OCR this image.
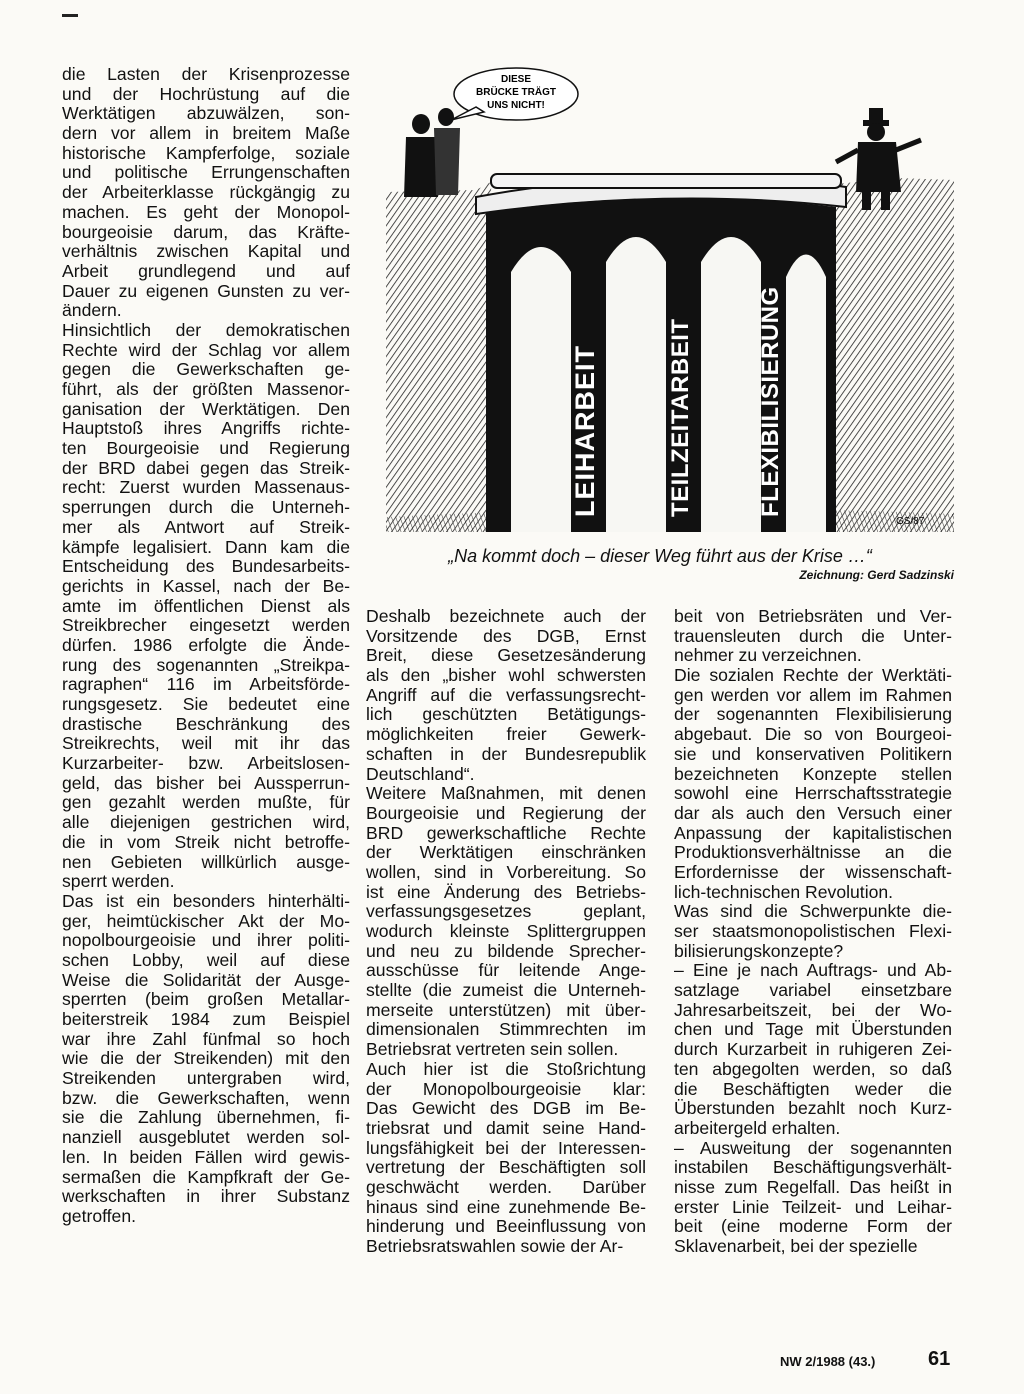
die Lasten der Krisenprozesse
und der Hochrüstung auf die
Werktätigen abzuwälzen, son-
dern vor allem in breitem Maße
historische Kampferfolge, soziale
und politische Errungenschaften
der Arbeiterklasse rückgängig zu
machen. Es geht der Monopol-
bourgeoisie darum, das Kräfte-
verhältnis zwischen Kapital und
Arbeit grundlegend und auf
Dauer zu eigenen Gunsten zu ver-
ändern.
Hinsichtlich der demokratischen
Rechte wird der Schlag vor allem
gegen die Gewerkschaften ge-
führt, als der größten Massenor-
ganisation der Werktätigen. Den
Hauptstoß ihres Angriffs richte-
ten Bourgeoisie und Regierung
der BRD dabei gegen das Streik-
recht: Zuerst wurden Massenaus-
sperrungen durch die Unterneh-
mer als Antwort auf Streik-
kämpfe legalisiert. Dann kam die
Entscheidung des Bundesarbeits-
gerichts in Kassel, nach der Be-
amte im öffentlichen Dienst als
Streikbrecher eingesetzt werden
dürfen. 1986 erfolgte die Ände-
rung des sogenannten „Streikpa-
ragraphen“ 116 im Arbeitsförde-
rungsgesetz. Sie bedeutet eine
drastische Beschränkung des
Streikrechts, weil mit ihr das
Kurzarbeiter- bzw. Arbeitslosen-
geld, das bisher bei Aussperrun-
gen gezahlt werden mußte, für
alle diejenigen gestrichen wird,
die in vom Streik nicht betroffe-
nen Gebieten willkürlich ausge-
sperrt werden.
Das ist ein besonders hinterhälti-
ger, heimtückischer Akt der Mo-
nopolbourgeoisie und ihrer politi-
schen Lobby, weil auf diese
Weise die Solidarität der Ausge-
sperrten (beim großen Metallar-
beiterstreik 1984 zum Beispiel
war ihre Zahl fünfmal so hoch
wie die der Streikenden) mit den
Streikenden untergraben wird,
bzw. die Gewerkschaften, wenn
sie die Zahlung übernehmen, fi-
nanziell ausgeblutet werden sol-
len. In beiden Fällen wird gewis-
sermaßen die Kampfkraft der Ge-
werkschaften in ihrer Substanz
getroffen.
LEIHARBEIT	TEILZEITARBEIT	FLEXIBILISIERUNG
DIESE
BRÜCKE TRÄGT
UNS NICHT!
GS/87

„Na kommt doch – dieser Weg führt aus der Krise …“

Zeichnung: Gerd Sadzinski

Deshalb bezeichnete auch der
Vorsitzende des DGB, Ernst
Breit, diese Gesetzesänderung
als den „bisher wohl schwersten
Angriff auf die verfassungsrecht-
lich geschützten Betätigungs-
möglichkeiten freier Gewerk-
schaften in der Bundesrepublik
Deutschland“.
Weitere Maßnahmen, mit denen
Bourgeoisie und Regierung der
BRD gewerkschaftliche Rechte
der Werktätigen einschränken
wollen, sind in Vorbereitung. So
ist eine Änderung des Betriebs-
verfassungsgesetzes geplant,
wodurch kleinste Splittergruppen
und neu zu bildende Sprecher-
ausschüsse für leitende Ange-
stellte (die zumeist die Unterneh-
merseite unterstützen) mit über-
dimensionalen Stimmrechten im
Betriebsrat vertreten sein sollen.
Auch hier ist die Stoßrichtung
der Monopolbourgeoisie klar:
Das Gewicht des DGB im Be-
triebsrat und damit seine Hand-
lungsfähigkeit bei der Interessen-
vertretung der Beschäftigten soll
geschwächt werden. Darüber
hinaus sind eine zunehmende Be-
hinderung und Beeinflussung von
Betriebsratswahlen sowie der Ar-
beit von Betriebsräten und Ver-
trauensleuten durch die Unter-
nehmer zu verzeichnen.
Die sozialen Rechte der Werktäti-
gen werden vor allem im Rahmen
der sogenannten Flexibilisierung
abgebaut. Die so von Bourgeoi-
sie und konservativen Politikern
bezeichneten Konzepte stellen
sowohl eine Herrschaftsstrategie
dar als auch den Versuch einer
Anpassung der kapitalistischen
Produktionsverhältnisse an die
Erfordernisse der wissenschaft-
lich-technischen Revolution.
Was sind die Schwerpunkte die-
ser staatsmonopolistischen Flexi-
bilisierungskonzepte?
– Eine je nach Auftrags- und Ab-
satzlage variabel einsetzbare
Jahresarbeitszeit, bei der Wo-
chen und Tage mit Überstunden
durch Kurzarbeit in ruhigeren Zei-
ten abgegolten werden, so daß
die Beschäftigten weder die
Überstunden bezahlt noch Kurz-
arbeitergeld erhalten.
– Ausweitung der sogenannten
instabilen Beschäftigungsverhält-
nisse zum Regelfall. Das heißt in
erster Linie Teilzeit- und Leihar-
beit (eine moderne Form der
Sklavenarbeit, bei der spezielle
NW 2/1988 (43.)	61
